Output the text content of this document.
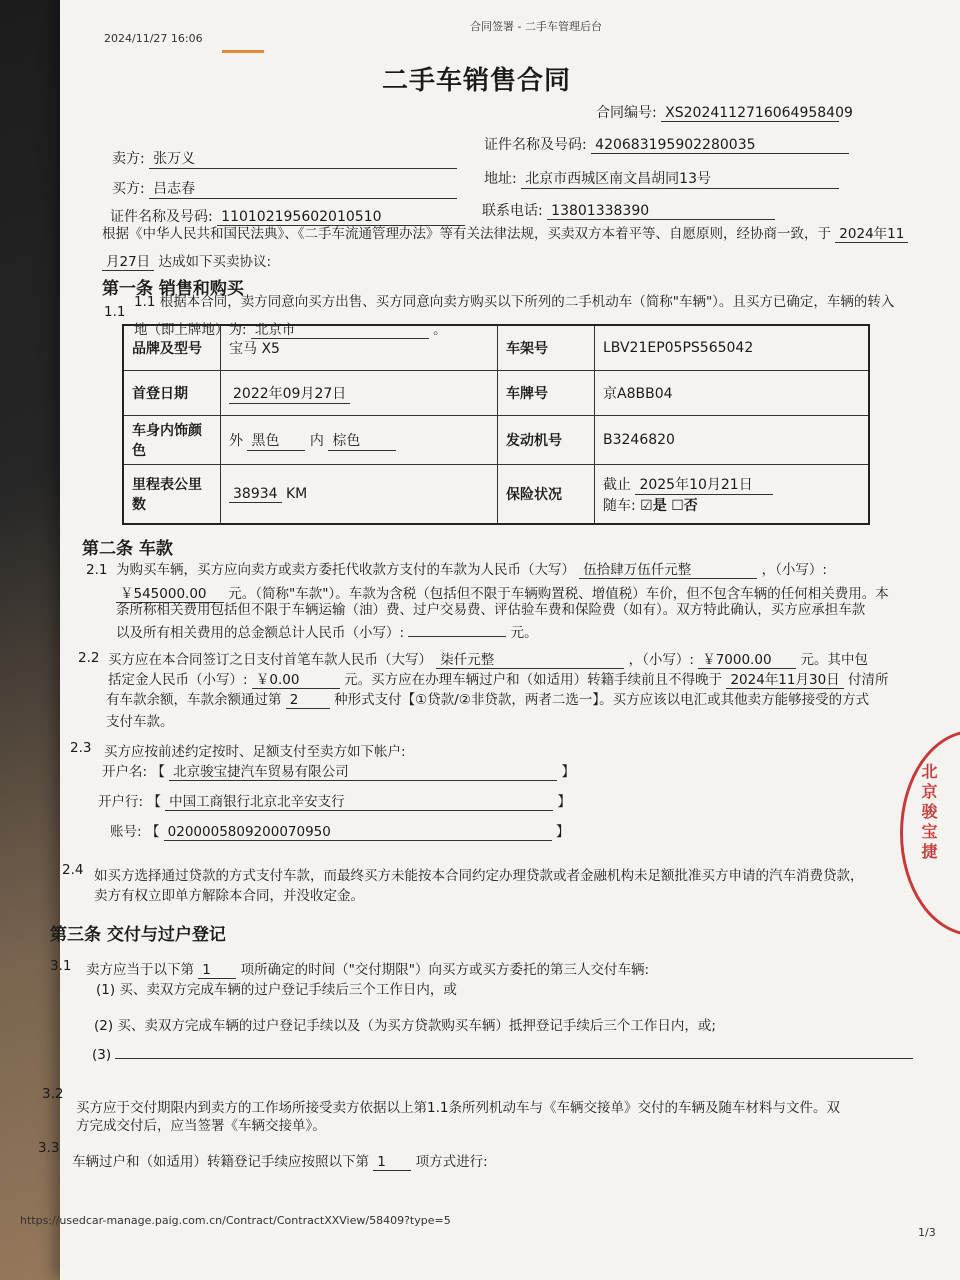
2024/11/27 16:06
合同签署 - 二手车管理后台
二手车销售合同
合同编号: XS2024112716064958409
卖方: 张万义
证件名称及号码: 420683195902280035
买方: 吕志春
地址: 北京市西城区南文昌胡同13号
证件名称及号码: 110102195602010510	联系电话: 13801338390
根据《中华人民共和国民法典》、《二手车流通管理办法》等有关法律法规，买卖双方本着平等、自愿原则，经协商一致，于 2024年11
月27日 达成如下买卖协议:
第一条 销售和购买
1.1
1.1 根据本合同，卖方同意向买方出售、买方同意向卖方购买以下所列的二手机动车（简称"车辆"）。且买方已确定，车辆的转入
地（即上牌地）为: 北京市	。
品牌及型号	宝马 X5	车架号	LBV21EP05PS565042
首登日期	2022年09月27日	车牌号	京A8BB04
车身内饰颜色	外 黑色 内 棕色	发动机号	B3246820
里程表公里数	38934 KM	保险状况	截止 2025年10月21日
随车: ☑是 ☐否
第二条 车款
2.1 为购买车辆，买方应向卖方或卖方委托代收款方支付的车款为人民币（大写） 伍拾肆万伍仟元整	，（小写）:
￥545000.00 元。（简称"车款"）。车款为含税（包括但不限于车辆购置税、增值税）车价，但不包含车辆的任何相关费用。本
条所称相关费用包括但不限于车辆运输（油）费、过户交易费、评估验车费和保险费（如有）。双方特此确认，买方应承担车款
以及所有相关费用的总金额总计人民币（小写）:	元。
2.2 买方应在本合同签订之日支付首笔车款人民币（大写） 柒仟元整	，（小写）: ￥7000.00 元。其中包
括定金人民币（小写）: ￥0.00	元。买方应在办理车辆过户和（如适用）转籍手续前且不得晚于 2024年11月30日 付清所
有车款余额，车款余额通过第 2	种形式支付【①贷款/②非贷款，两者二选一】。买方应该以电汇或其他卖方能够接受的方式
支付车款。
2.3 买方应按前述约定按时、足额支付至卖方如下帐户:
开户名: 【 北京骏宝捷汽车贸易有限公司	】
开户行: 【 中国工商银行北京北辛安支行	】
账号: 【 0200005809200070950	】
2.4 如买方选择通过贷款的方式支付车款，而最终买方未能按本合同约定办理贷款或者金融机构未足额批准买方申请的汽车消费贷款，
卖方有权立即单方解除本合同，并没收定金。
北京骏宝捷
第三条 交付与过户登记
3.1 卖方应当于以下第 1 项所确定的时间（"交付期限"）向买方或买方委托的第三人交付车辆:
(1) 买、卖双方完成车辆的过户登记手续后三个工作日内，或
(2) 买、卖双方完成车辆的过户登记手续以及（为买方贷款购买车辆）抵押登记手续后三个工作日内，或;
(3)
3.2
买方应于交付期限内到卖方的工作场所接受卖方依据以上第1.1条所列机动车与《车辆交接单》交付的车辆及随车材料与文件。双
方完成交付后，应当签署《车辆交接单》。
3.3
车辆过户和（如适用）转籍登记手续应按照以下第 1 项方式进行:
https://usedcar-manage.paig.com.cn/Contract/ContractXXView/58409?type=5
1/3
